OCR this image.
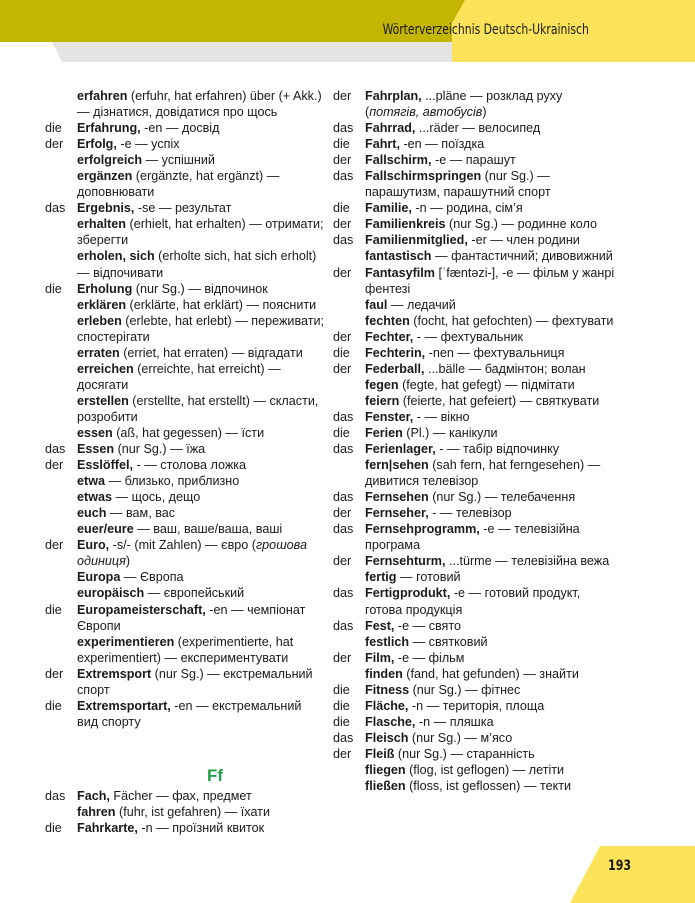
Wörterverzeichnis Deutsch-Ukrainisch
erfahren (erfuhr, hat erfahren) über (+ Akk.) — дізнатися, довідатися про щось
die Erfahrung, -en — досвід
der Erfolg, -e — успіх
erfolgreich — успішний
ergänzen (ergänzte, hat ergänzt) — доповнювати
das Ergebnis, -se — результат
erhalten (erhielt, hat erhalten) — отримати; зберегти
erholen, sich (erholte sich, hat sich erholt) — відпочивати
die Erholung (nur Sg.) — відпочинок
erklären (erklärte, hat erklärt) — пояснити
erleben (erlebte, hat erlebt) — переживати; спостерігати
erraten (erriet, hat erraten) — відгадати
erreichen (erreichte, hat erreicht) — досягати
erstellen (erstellte, hat erstellt) — скласти, розробити
essen (aß, hat gegessen) — їсти
das Essen (nur Sg.) — їжа
der Esslöffel, - — столова ложка
etwa — близько, приблизно
etwas — щось, дещо
euch — вам, вас
euer/eure — ваш, ваше/ваша, ваші
der Euro, -s/- (mit Zahlen) — євро (грошова одиниця)
Europa — Європа
europäisch — європейський
die Europameisterschaft, -en — чемпіонат Європи
experimentieren (experimentierte, hat experimentiert) — експериментувати
der Extremsport (nur Sg.) — екстремальний спорт
die Extremsportart, -en — екстремальний вид спорту
Ff
das Fach, Fächer — фах, предмет
fahren (fuhr, ist gefahren) — їхати
die Fahrkarte, -n — проїзний квиток
der Fahrplan, ...pläne — розклад руху (потягів, автобусів)
das Fahrrad, ...räder — велосипед
die Fahrt, -en — поїздка
der Fallschirm, -e — парашут
das Fallschirmspringen (nur Sg.) — парашутизм, парашутний спорт
die Familie, -n — родина, сім’я
der Familienkreis (nur Sg.) — родинне коло
das Familienmitglied, -er — член родини
fantastisch — фантастичний; дивовижний
der Fantasyfilm [ˈfæntəzi-], -e — фільм у жанрі фентезі
faul — ледачий
fechten (focht, hat gefochten) — фехтувати
der Fechter, - — фехтувальник
die Fechterin, -nen — фехтувальниця
der Federball, ...bälle — бадмінтон; волан
fegen (fegte, hat gefegt) — підмітати
feiern (feierte, hat gefeiert) — святкувати
das Fenster, - — вікно
die Ferien (Pl.) — канікули
das Ferienlager, - — табір відпочинку
fern|sehen (sah fern, hat ferngesehen) — дивитися телевізор
das Fernsehen (nur Sg.) — телебачення
der Fernseher, - — телевізор
das Fernsehprogramm, -e — телевізійна програма
der Fernsehturm, ...türme — телевізійна вежа
fertig — готовий
das Fertigprodukt, -e — готовий продукт, готова продукція
das Fest, -e — свято
festlich — святковий
der Film, -e — фільм
finden (fand, hat gefunden) — знайти
die Fitness (nur Sg.) — фітнес
die Fläche, -n — територія, площа
die Flasche, -n — пляшка
das Fleisch (nur Sg.) — м’ясо
der Fleiß (nur Sg.) — старанність
fliegen (flog, ist geflogen) — летіти
fließen (floss, ist geflossen) — текти
193
